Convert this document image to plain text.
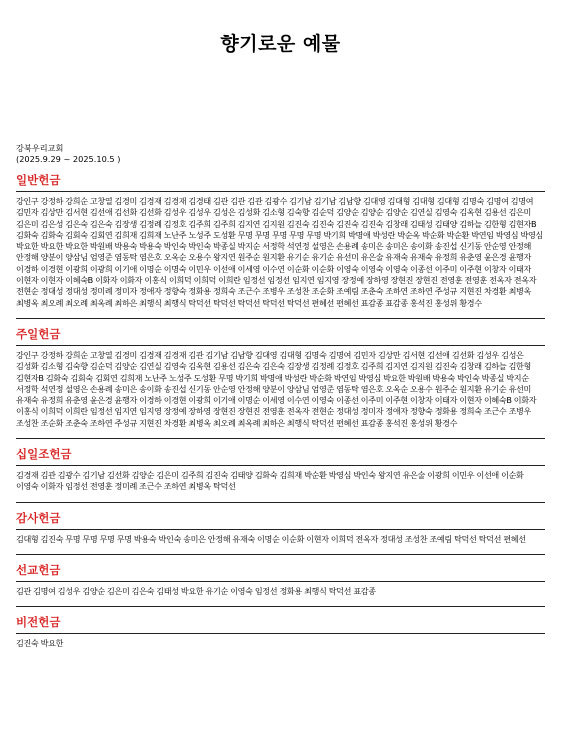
향기로운 예물
강북우리교회
(2025.9.29 ~ 2025.10.5 )
일반헌금

강인구 강정하 강희순 고창열 김경미 김경재 김경재 김경태 김관 김관 김관 김광수 김기남 김기남 김남향 김대영 김대형 김대형 김대형 김명숙 김명여 김명여 김민자 김상만 김서현 김선애 김선화 김선화 김성우 김성우 김성은 김성화 김소형 김숙향 김순덕 김양순 김양순 김양순 김연실 김영숙 김옥현 김용선 김은미 김은미 김은성 김은숙 김은숙 김장생 김정례 김정호 김주희 김주희 김지연 김지원 김진숙 김진숙 김진숙 김진숙 김창래 김태성 김태양 김하늘 김한형 김현자B 김화숙 김화숙 김회숙 김회연 김희재 김희재 노난주 노성주 도성환 무명 무명 무명 무명 무명 박기희 박명애 박성란 박순옥 박순화 박순환 박연임 박영심 박영심 박요한 박요한 박요한 박원배 박용숙 박용숙 박인숙 박인숙 박종실 박지순 서정학 석연정 설영은 손용례 송미은 송미은 송이화 송진섭 신기동 안순영 안정해 안정해 양분이 양삼님 엄영준 염동탁 염은호 오옥순 오용수 왕지연 원주순 원지환 유기순 유기순 유선미 유은술 유재숙 유재숙 유정희 유춘영 윤은경 윤행자 이경하 이경현 이광희 이광희 이기애 이명순 이명숙 이민우 이선애 이세영 이수연 이순화 이순화 이영숙 이영숙 이영숙 이종선 이주미 이주현 이창자 이태자 이현자 이현자 이혜숙B 이화자 이화자 이홍식 이희덕 이희덕 이희란 임정선 임정선 임지연 임지영 장정예 장하영 장현진 장현진 전영훈 전영훈 전옥자 전옥자 전현순 정대성 정대성 정미례 정미자 정애자 정향숙 정화용 정희숙 조근수 조병우 조성찬 조순화 조예림 조춘숙 조하연 조하연 주성규 지현진 차경환 최병옥 최병옥 최오례 최오례 최옥례 최하은 최행식 최행식 탁덕선 탁덕선 탁덕선 탁덕선 탁덕선 편혜선 편혜선 표감종 표감종 홍석진 홍성위 황경수

주일헌금

강인구 강정하 강희순 고창열 김경미 김경재 김경재 김관 김기남 김남향 김대영 김대형 김명숙 김명여 김민자 김상만 김서현 김선애 김선화 김성우 김성은 김성화 김소형 김숙향 김순덕 김양순 김연실 김영숙 김옥현 김용선 김은숙 김은숙 김장생 김정례 김정호 김주희 김지연 김지원 김진숙 김창래 김하늘 김한형 김현자B 김화숙 김회숙 김회연 김희재 노난주 노성주 도성환 무명 박기희 박명애 박성란 박순화 박연임 박영심 박요한 박원배 박용숙 박인숙 박종실 박지순 서정학 석연정 설영은 손용례 송미은 송이화 송진섭 신기동 안순영 안정해 양분이 양삼님 엄영준 염동탁 염은호 오옥순 오용수 원주순 원지환 유기순 유선미 유재숙 유정희 유춘영 윤은경 윤행자 이경하 이경현 이광희 이기애 이명순 이세영 이수연 이영숙 이종선 이주미 이주현 이창자 이태자 이현자 이혜숙B 이화자 이홍식 이희덕 이희란 임정선 임지연 임지영 장정예 장하영 장현진 장현진 전영훈 전옥자 전현순 정대성 정미자 정애자 정향숙 정화용 정희숙 조근수 조병우 조성찬 조순화 조춘숙 조하연 주성규 지현진 차경환 최병옥 최오례 최옥례 최하은 최행식 탁덕선 편혜선 표감종 홍석진 홍성위 황경수

십일조헌금

김경재 김관 김광수 김기남 김선화 김양순 김은미 김주희 김진숙 김태양 김화숙 김희재 박순환 박영심 박인숙 왕지연 유은술 이광희 이민우 이선애 이순화 이영숙 이화자 임정선 전영훈 정미례 조근수 조하연 최병옥 탁덕선

감사헌금

김대형 김진숙 무명 무명 무명 무명 박용숙 박인숙 송미은 안정해 유재숙 이명순 이순화 이현자 이희덕 전옥자 정대성 조성찬 조예림 탁덕선 탁덕선 편혜선

선교헌금

김관 김명여 김성우 김양순 김은미 김은숙 김태성 박요한 유기순 이영숙 임정선 정화용 최행식 탁덕선 표감종

비전헌금

김진숙 박요한
